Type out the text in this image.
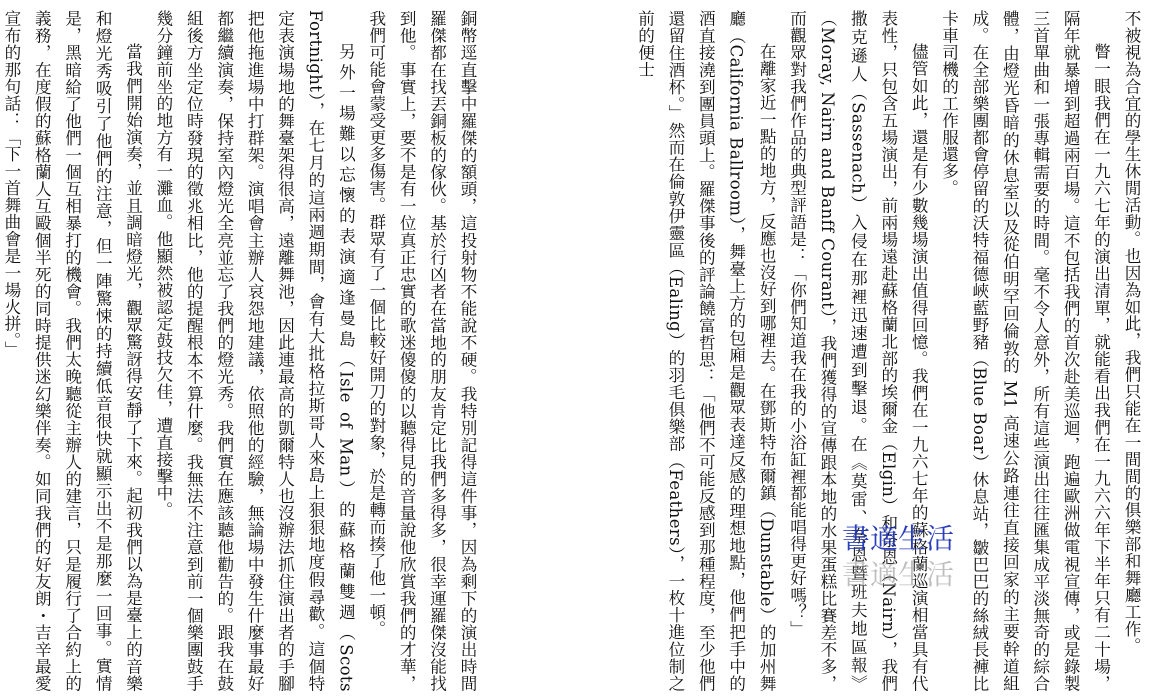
不被視為合宜的學生休閒活動。也因為如此，我們只能在一間間的俱樂部和舞廳工作。

瞥一眼我們在一九六七年的演出清單，就能看出我們在一九六六年下半年只有二十場，隔年就暴增到超過兩百場。這不包括我們的首次赴美巡迴，跑遍歐洲做電視宣傳，或是錄製三首單曲和一張專輯需要的時間。毫不令人意外，所有這些演出往往匯集成平淡無奇的綜合體，由燈光昏暗的休息室以及從伯明罕回倫敦的 M1 高速公路連往直接回家的主要幹道組成。在全部樂團都會停留的沃特福德峽藍野豬（Blue Boar）休息站，皺巴巴的絲絨長褲比卡車司機的工作服還多。

儘管如此，還是有少數幾場演出值得回憶。我們在一九六七年的蘇格蘭巡演相當具有代表性，只包含五場演出，前兩場遠赴蘇格蘭北部的埃爾金（Elgin）和奈恩（Nairn），我們撒克遜人（Sassenach）入侵在那裡迅速遭到擊退。在《莫雷、奈恩暨班夫地區報》（Moray, Nairn and Banff Courant），我們獲得的宣傳跟本地的水果蛋糕比賽差不多，而觀眾對我們作品的典型評語是：「你們知道我在我的小浴缸裡都能唱得更好嗎？」

在離家近一點的地方，反應也沒好到哪裡去。在鄧斯特布爾鎮（Dunstable）的加州舞廳（California Ballroom），舞臺上方的包廂是觀眾表達反感的理想地點，他們把手中的酒直接澆到團員頭上。羅傑事後的評論饒富哲思：「他們不可能反感到那種程度，至少他們還留住酒杯。」然而在倫敦伊靈區（Ealing）的羽毛俱樂部（Feathers），一枚十進位制之前的便士

銅幣逕直擊中羅傑的額頭，這投射物不能說不硬。我特別記得這件事，因為剩下的演出時間羅傑都在找丟銅板的傢伙。基於行凶者在當地的朋友肯定比我們多得多，很幸運羅傑沒能找到他。事實上，要不是有一位真正忠實的歌迷傻傻的以聽得見的音量說他欣賞我們的才華，我們可能會蒙受更多傷害。群眾有了一個比較好開刀的對象，於是轉而揍了他一頓。

另外一場難以忘懷的表演適逢曼島（Isle of Man）的蘇格蘭雙週（Scots Fortnight），在七月的這兩週期間，會有大批格拉斯哥人來島上狠狠地度假尋歡。這個特定表演場地的舞臺架得很高，遠離舞池，因此連最高的凱爾特人也沒辦法抓住演出者的手腳把他拖進場中打群架。演唱會主辦人哀怨地建議，依照他的經驗，無論場中發生什麼事最好都繼續演奏，保持室內燈光全亮並忘了我們的燈光秀。我們實在應該聽他勸告的。跟我在鼓組後方坐定位時發現的徵兆相比，他的提醒根本不算什麼。我無法不注意到前一個樂團鼓手幾分鐘前坐的地方有一灘血。他顯然被認定鼓技欠佳，遭直接擊中。

當我們開始演奏，並且調暗燈光，觀眾驚訝得安靜了下來。起初我們以為是臺上的音樂和燈光秀吸引了他們的注意，但一陣驚悚的持續低音很快就顯示出不是那麼一回事。實情是，黑暗給了他們一個互相暴打的機會。我們太晚聽從主辦人的建言，只是履行了合約上的義務，在度假的蘇格蘭人互毆個半死的同時提供迷幻樂伴奏。如同我們的好友朗・吉辛最愛宣布的那句話：「下一首舞曲會是一場火拼。」

書適生活
書適生活
